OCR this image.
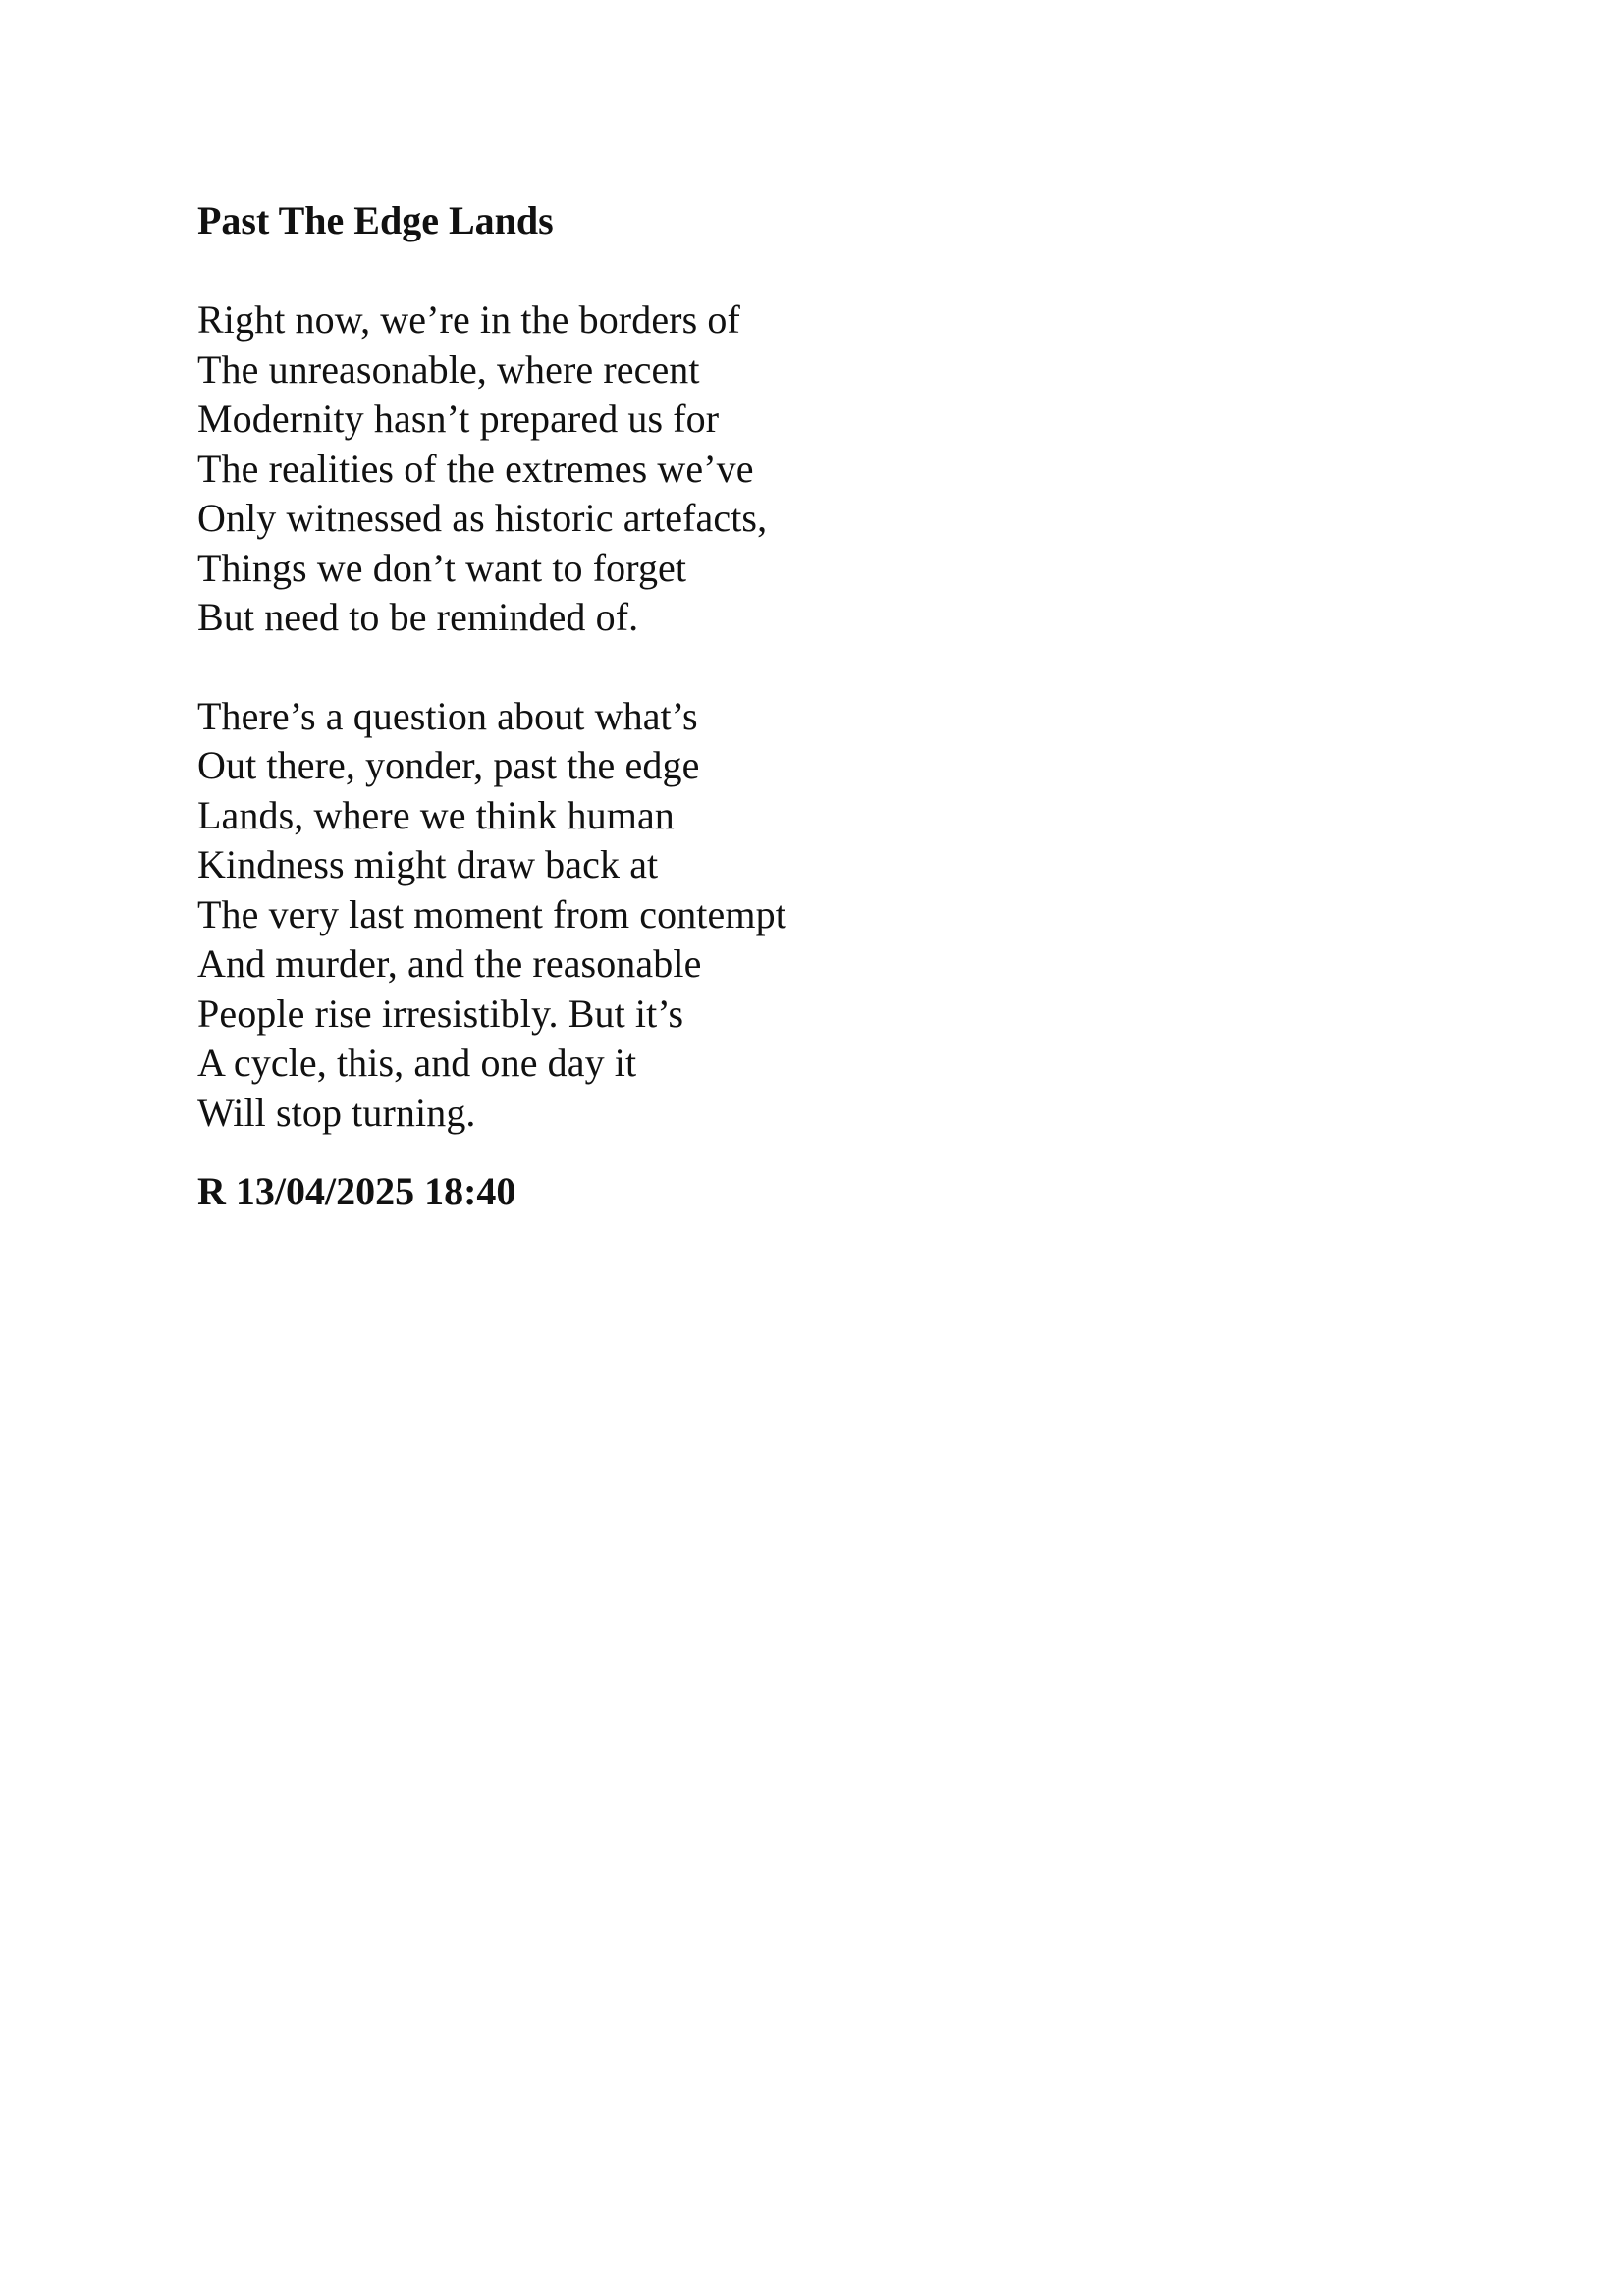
Past The Edge Lands
Right now, we’re in the borders of
The unreasonable, where recent
Modernity hasn’t prepared us for
The realities of the extremes we’ve
Only witnessed as historic artefacts,
Things we don’t want to forget
But need to be reminded of.
There’s a question about what’s
Out there, yonder, past the edge
Lands, where we think human
Kindness might draw back at
The very last moment from contempt
And murder, and the reasonable
People rise irresistibly. But it’s
A cycle, this, and one day it
Will stop turning.
R 13/04/2025 18:40
